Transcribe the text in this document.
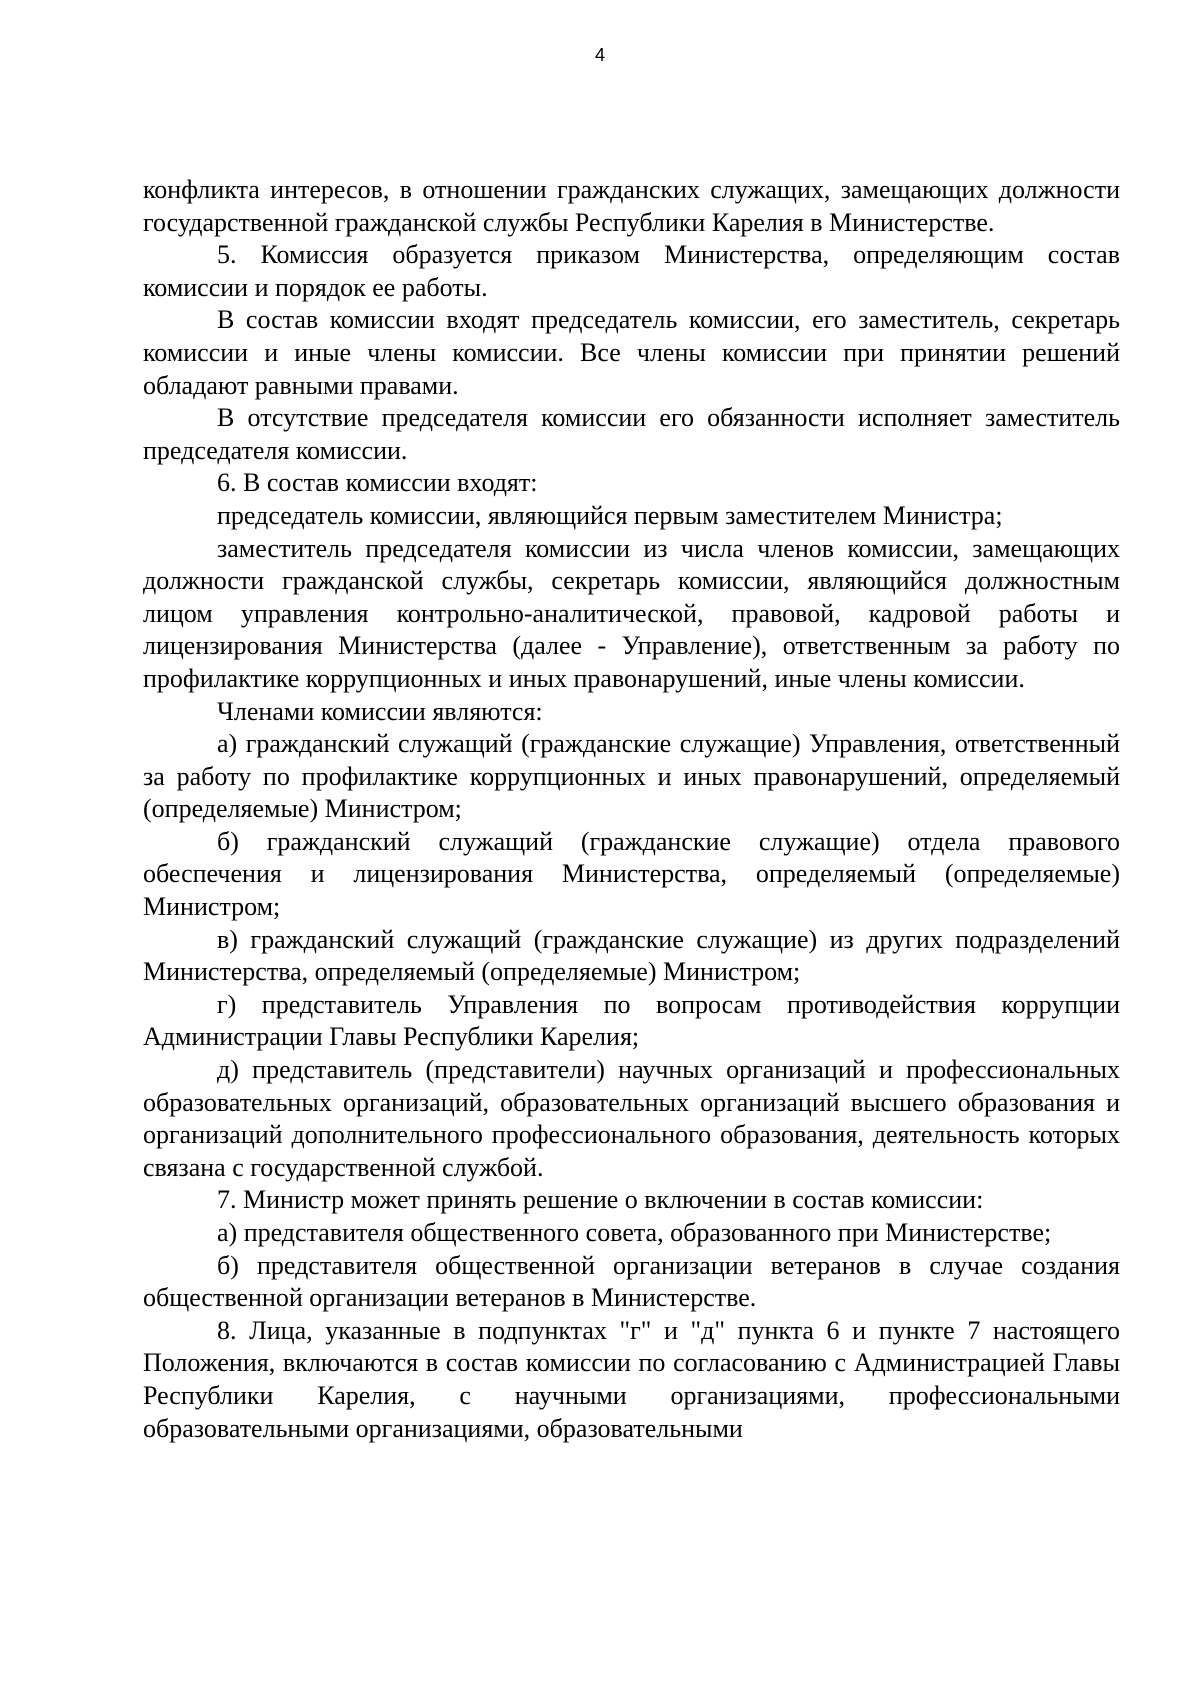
4

конфликта интересов, в отношении гражданских служащих, замещающих должности государственной гражданской службы Республики Карелия в Министерстве.

5. Комиссия образуется приказом Министерства, определяющим состав комиссии и порядок ее работы.

В состав комиссии входят председатель комиссии, его заместитель, секретарь комиссии и иные члены комиссии. Все члены комиссии при принятии решений обладают равными правами.

В отсутствие председателя комиссии его обязанности исполняет заместитель председателя комиссии.

6. В состав комиссии входят:

председатель комиссии, являющийся первым заместителем Министра;

заместитель председателя комиссии из числа членов комиссии, замещающих должности гражданской службы, секретарь комиссии, являющийся должностным лицом управления контрольно-аналитической, правовой, кадровой работы и лицензирования Министерства (далее - Управление), ответственным за работу по профилактике коррупционных и иных правонарушений, иные члены комиссии.

Членами комиссии являются:

а) гражданский служащий (гражданские служащие) Управления, ответственный за работу по профилактике коррупционных и иных правонарушений, определяемый (определяемые) Министром;

б) гражданский служащий (гражданские служащие) отдела правового обеспечения и лицензирования Министерства, определяемый (определяемые) Министром;

в) гражданский служащий (гражданские служащие) из других подразделений Министерства, определяемый (определяемые) Министром;

г) представитель Управления по вопросам противодействия коррупции Администрации Главы Республики Карелия;

д) представитель (представители) научных организаций и профессиональных образовательных организаций, образовательных организаций высшего образования и организаций дополнительного профессионального образования, деятельность которых связана с государственной службой.

7. Министр может принять решение о включении в состав комиссии:

а) представителя общественного совета, образованного при Министерстве;

б) представителя общественной организации ветеранов в случае создания общественной организации ветеранов в Министерстве.

8. Лица, указанные в подпунктах "г" и "д" пункта 6 и пункте 7 настоящего Положения, включаются в состав комиссии по согласованию с Администрацией Главы Республики Карелия, с научными организациями, профессиональными образовательными организациями, образовательными
